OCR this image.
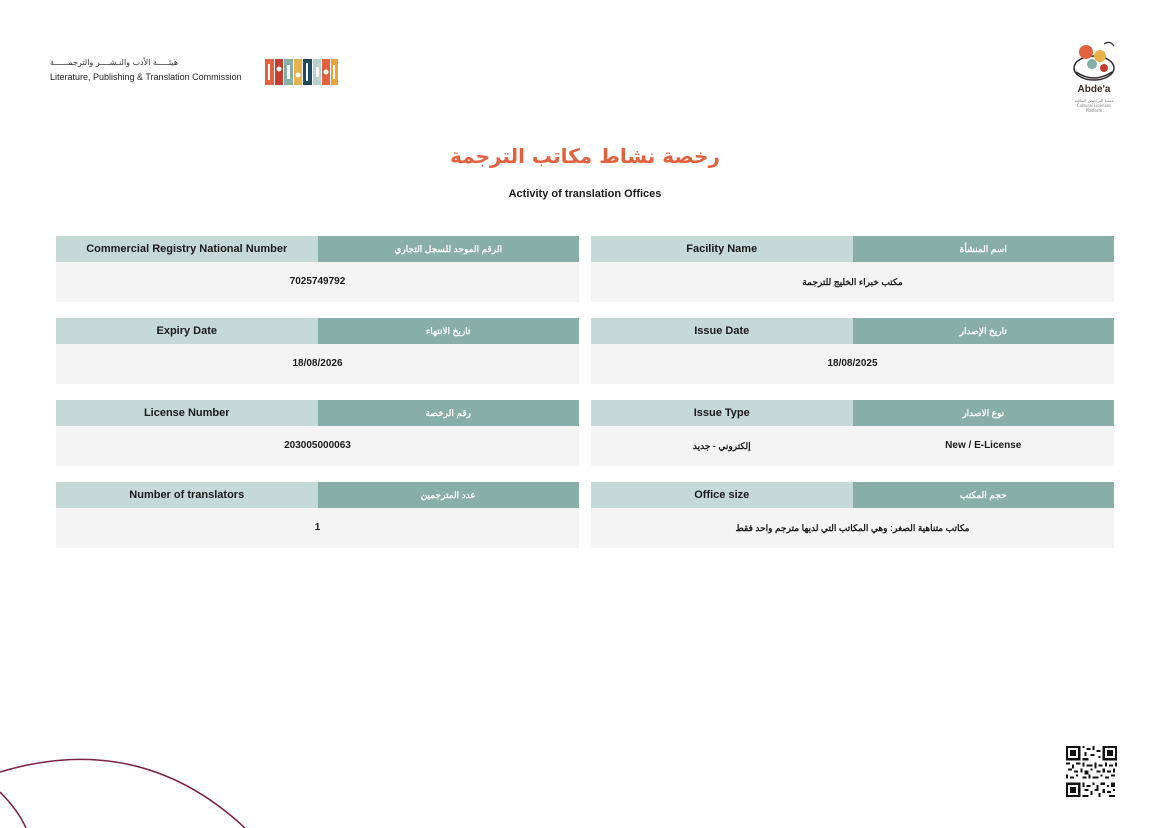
هيئـــــة الأدب والنـشــــر والترجمــــــة
Literature, Publishing & Translation Commission
Abde'a
منصة التراخيص الثقافية
Cultural Licenses Platform
رخصة نشاط مكاتب الترجمة
Activity of translation Offices
Commercial Registry National Number	الرقم الموحد للسجل التجاري
7025749792
Facility Name	اسم المنشأة
مكتب خبراء الخليج للترجمة
Expiry Date	تاريخ الانتهاء
18/08/2026
Issue Date	تاريخ الإصدار
18/08/2025
License Number	رقم الرخصة
203005000063
Issue Type	نوع الاصدار
إلكتروني - جديد	New / E-License
Number of translators	عدد المترجمين
1
Office size	حجم المكتب
مكاتب متناهية الصغر: وهي المكاتب التي لديها مترجم واحد فقط
